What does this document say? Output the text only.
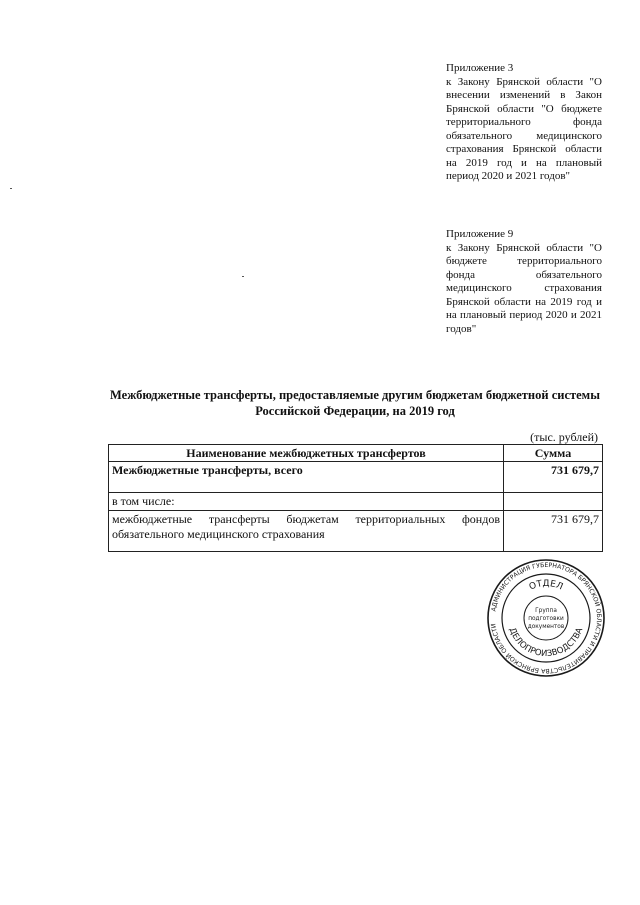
Приложение 3
к Закону Брянской области "О внесении изменений в Закон Брянской области "О бюджете территориального фонда обязательного медицинского страхования Брянской области на 2019 год и на плановый период 2020 и 2021 годов"
Приложение 9
к Закону Брянской области "О бюджете территориального фонда обязательного медицинского страхования Брянской области на 2019 год и на плановый период 2020 и 2021 годов"
Межбюджетные трансферты, предоставляемые другим бюджетам бюджетной системы Российской Федерации, на 2019 год
(тыс. рублей)
Наименование межбюджетных трансфертов	Сумма
Межбюджетные трансферты, всего	731 679,7
в том числе:	
межбюджетные трансферты бюджетам территориальных фондов обязательного медицинского страхования	731 679,7
АДМИНИСТРАЦИЯ ГУБЕРНАТОРА БРЯНСКОЙ ОБЛАСТИ И ПРАВИТЕЛЬСТВА БРЯНСКОЙ ОБЛАСТИ
ОТДЕЛ
ДЕЛОПРОИЗВОДСТВА
Группа
подготовки
документов
